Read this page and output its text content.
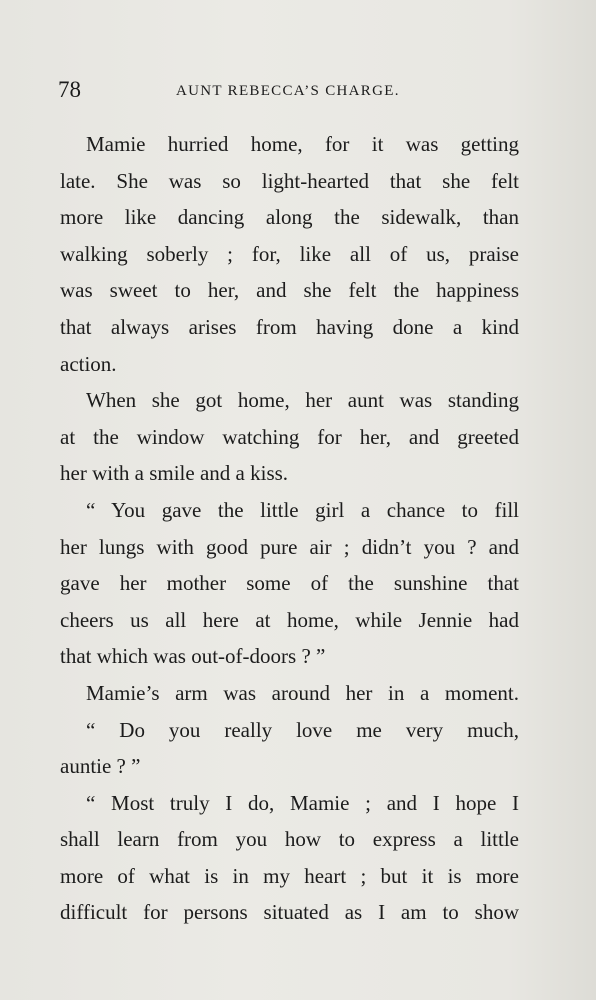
78	AUNT REBECCA’S CHARGE.
Mamie hurried home, for it was getting
late. She was so light-hearted that she felt
more like dancing along the sidewalk, than
walking soberly ; for, like all of us, praise
was sweet to her, and she felt the happiness
that always arises from having done a kind
action.
When she got home, her aunt was standing
at the window watching for her, and greeted
her with a smile and a kiss.
“ You gave the little girl a chance to fill
her lungs with good pure air ; didn’t you ? and
gave her mother some of the sunshine that
cheers us all here at home, while Jennie had
that which was out-of-doors ? ”
Mamie’s arm was around her in a moment.
“ Do you really love me very much,
auntie ? ”
“ Most truly I do, Mamie ; and I hope I
shall learn from you how to express a little
more of what is in my heart ; but it is more
difficult for persons situated as I am to show
